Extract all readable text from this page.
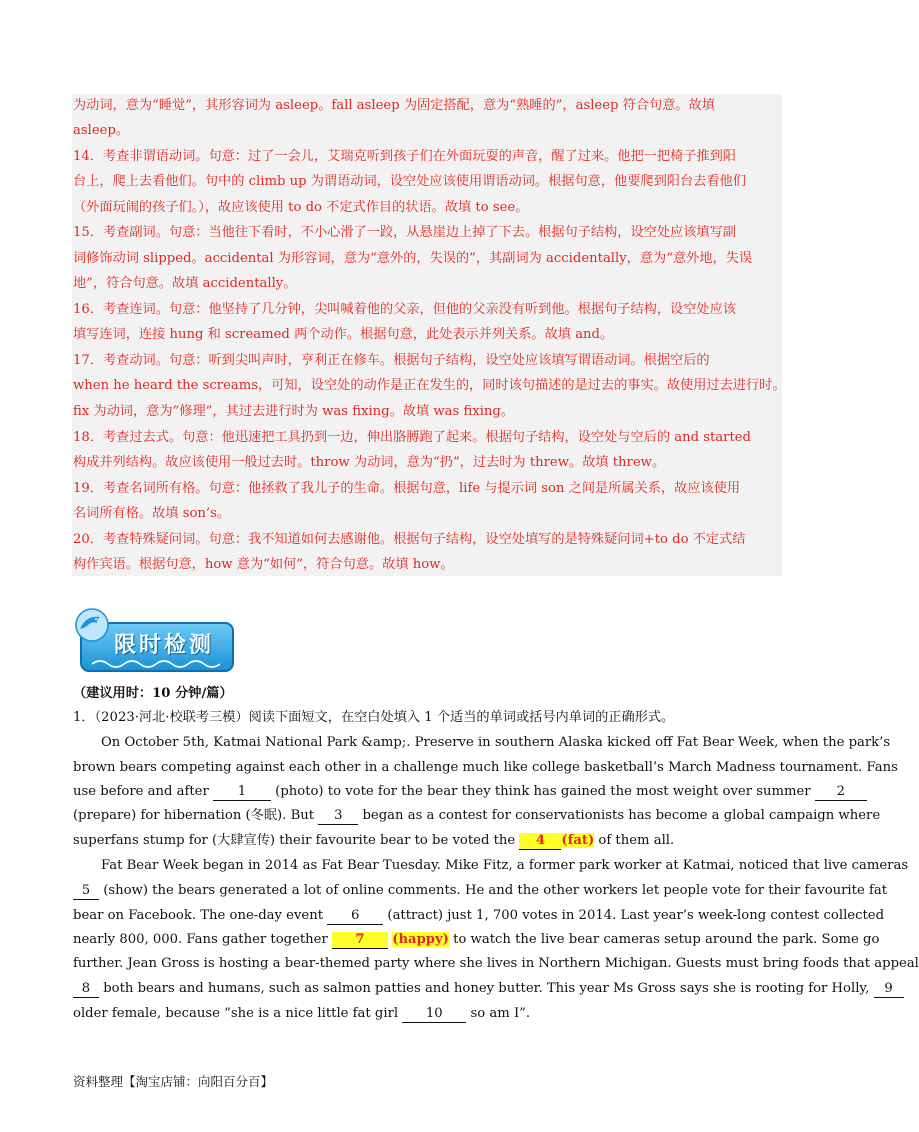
为动词，意为“睡觉”，其形容词为 asleep。fall asleep 为固定搭配，意为“熟睡的”，asleep 符合句意。故填
asleep。
14．考查非谓语动词。句意：过了一会儿，艾瑞克听到孩子们在外面玩耍的声音，醒了过来。他把一把椅子推到阳
台上，爬上去看他们。句中的 climb up 为谓语动词，设空处应该使用谓语动词。根据句意，他要爬到阳台去看他们
（外面玩闹的孩子们。），故应该使用 to do 不定式作目的状语。故填 to see。
15．考查副词。句意：当他往下看时，不小心滑了一跤，从悬崖边上掉了下去。根据句子结构，设空处应该填写副
词修饰动词 slipped。accidental 为形容词，意为“意外的，失误的”，其副词为 accidentally，意为“意外地，失误
地”，符合句意。故填 accidentally。
16．考查连词。句意：他坚持了几分钟，尖叫喊着他的父亲，但他的父亲没有听到他。根据句子结构，设空处应该
填写连词，连接 hung 和 screamed 两个动作。根据句意，此处表示并列关系。故填 and。
17．考查动词。句意：听到尖叫声时，亨利正在修车。根据句子结构，设空处应该填写谓语动词。根据空后的
when he heard the screams，可知，设空处的动作是正在发生的，同时该句描述的是过去的事实。故使用过去进行时。
fix 为动词，意为“修理”，其过去进行时为 was fixing。故填 was fixing。
18．考查过去式。句意：他迅速把工具扔到一边，伸出胳膊跑了起来。根据句子结构，设空处与空后的 and started
构成并列结构。故应该使用一般过去时。throw 为动词，意为“扔”，过去时为 threw。故填 threw。
19．考查名词所有格。句意：他拯救了我儿子的生命。根据句意，life 与提示词 son 之间是所属关系，故应该使用
名词所有格。故填 son’s。
20．考查特殊疑问词。句意：我不知道如何去感谢他。根据句子结构，设空处填写的是特殊疑问词+to do 不定式结
构作宾语。根据句意，how 意为“如何”，符合句意。故填 how。
限时检测
（建议用时：10 分钟/篇）
1．（2023·河北·校联考三模）阅读下面短文，在空白处填入 1 个适当的单词或括号内单词的正确形式。
On October 5th, Katmai National Park &amp;. Preserve in southern Alaska kicked off Fat Bear Week, when the park’s
brown bears competing against each other in a challenge much like college basketball’s March Madness tournament. Fans
use before and after 1 (photo) to vote for the bear they think has gained the most weight over summer 2
(prepare) for hibernation (冬眠). But 3 began as a contest for conservationists has become a global campaign where
superfans stump for (大肆宣传) their favourite bear to be voted the 4 (fat) of them all.
Fat Bear Week began in 2014 as Fat Bear Tuesday. Mike Fitz, a former park worker at Katmai, noticed that live cameras
5 (show) the bears generated a lot of online comments. He and the other workers let people vote for their favourite fat
bear on Facebook. The one-day event 6 (attract) just 1, 700 votes in 2014. Last year’s week-long contest collected
nearly 800, 000. Fans gather together 7 (happy) to watch the live bear cameras setup around the park. Some go
further. Jean Gross is hosting a bear-themed party where she lives in Northern Michigan. Guests must bring foods that appeal
8 both bears and humans, such as salmon patties and honey butter. This year Ms Gross says she is rooting for Holly, 9
older female, because “she is a nice little fat girl 10 so am I”.
资料整理【淘宝店铺：向阳百分百】
